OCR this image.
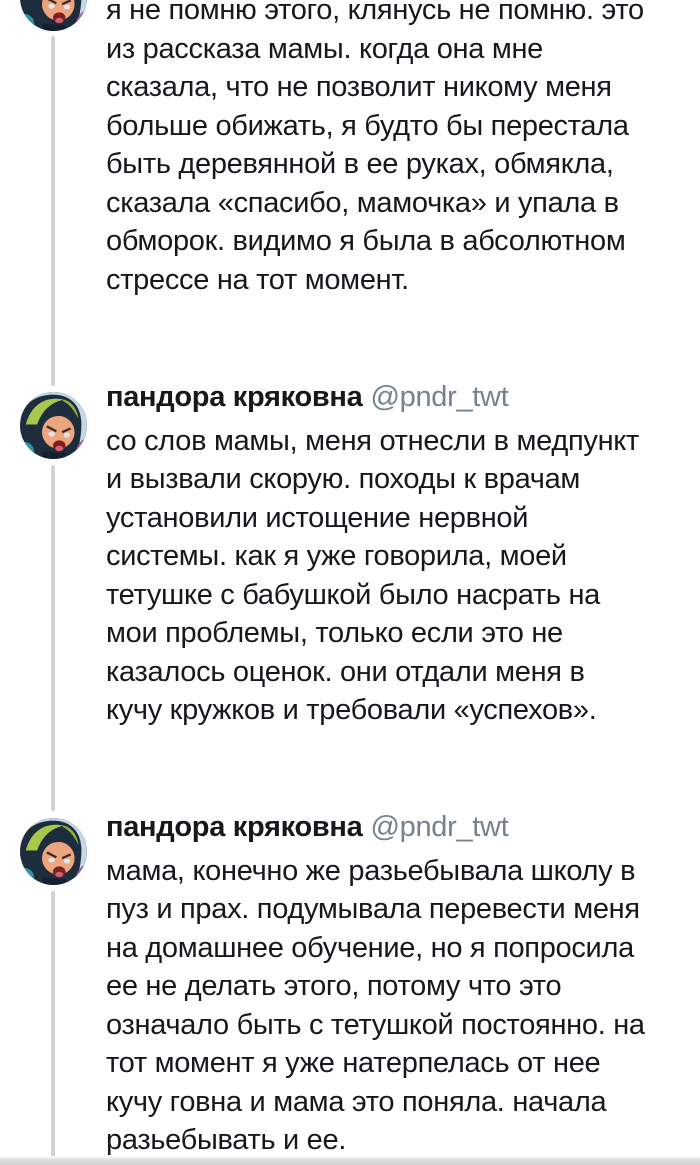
я не помню этого, клянусь не помню. это
из рассказа мамы. когда она мне
сказала, что не позволит никому меня
больше обижать, я будто бы перестала
быть деревянной в ее руках, обмякла,
сказала «спасибо, мамочка» и упала в
обморок. видимо я была в абсолютном
стрессе на тот момент.
пандора кряковна @pndr_twt
со слов мамы, меня отнесли в медпункт
и вызвали скорую. походы к врачам
установили истощение нервной
системы. как я уже говорила, моей
тетушке с бабушкой было насрать на
мои проблемы, только если это не
казалось оценок. они отдали меня в
кучу кружков и требовали «успехов».
пандора кряковна @pndr_twt
мама, конечно же разьебывала школу в
пуз и прах. подумывала перевести меня
на домашнее обучение, но я попросила
ее не делать этого, потому что это
означало быть с тетушкой постоянно. на
тот момент я уже натерпелась от нее
кучу говна и мама это поняла. начала
разьебывать и ее.
